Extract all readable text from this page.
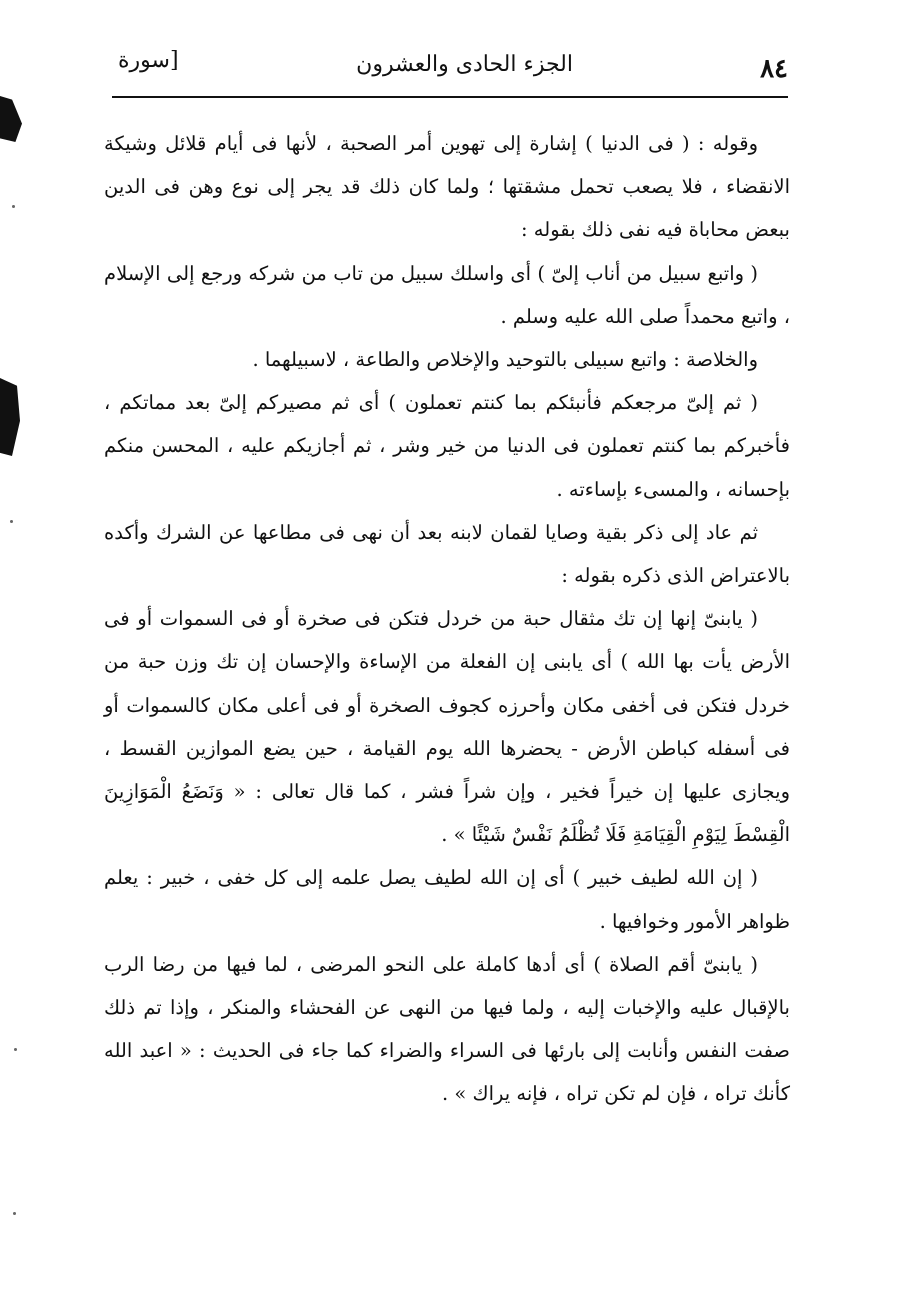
٨٤
الجزء الحادى والعشرون
[سورة

وقوله : ( فى الدنيا ) إشارة إلى تهوين أمر الصحبة ، لأنها فى أيام قلائل وشيكة الانقضاء ، فلا يصعب تحمل مشقتها ؛ ولما كان ذلك قد يجر إلى نوع وهن فى الدين ببعض محاباة فيه نفى ذلك بقوله :

( واتبع سبيل من أناب إلىّ ) أى واسلك سبيل من تاب من شركه ورجع إلى الإسلام ، واتبع محمداً صلى الله عليه وسلم .

والخلاصة : واتبع سبيلى بالتوحيد والإخلاص والطاعة ، لاسبيلهما .

( ثم إلىّ مرجعكم فأنبئكم بما كنتم تعملون ) أى ثم مصيركم إلىّ بعد مماتكم ، فأخبركم بما كنتم تعملون فى الدنيا من خير وشر ، ثم أجازيكم عليه ، المحسن منكم بإحسانه ، والمسىء بإساءته .

ثم عاد إلى ذكر بقية وصايا لقمان لابنه بعد أن نهى فى مطاعها عن الشرك وأكده بالاعتراض الذى ذكره بقوله :

( يابنىّ إنها إن تك مثقال حبة من خردل فتكن فى صخرة أو فى السموات أو فى الأرض يأت بها الله ) أى يابنى إن الفعلة من الإساءة والإحسان إن تك وزن حبة من خردل فتكن فى أخفى مكان وأحرزه كجوف الصخرة أو فى أعلى مكان كالسموات أو فى أسفله كباطن الأرض - يحضرها الله يوم القيامة ، حين يضع الموازين القسط ، ويجازى عليها إن خيراً فخير ، وإن شراً فشر ، كما قال تعالى : « وَنَضَعُ الْمَوَازِينَ الْقِسْطَ لِيَوْمِ الْقِيَامَةِ فَلَا تُظْلَمُ نَفْسٌ شَيْئًا » .

( إن الله لطيف خبير ) أى إن الله لطيف يصل علمه إلى كل خفى ، خبير : يعلم ظواهر الأمور وخوافيها .

( يابنىّ أقم الصلاة ) أى أدها كاملة على النحو المرضى ، لما فيها من رضا الرب بالإقبال عليه والإخبات إليه ، ولما فيها من النهى عن الفحشاء والمنكر ، وإذا تم ذلك صفت النفس وأنابت إلى بارئها فى السراء والضراء كما جاء فى الحديث : « اعبد الله كأنك تراه ، فإن لم تكن تراه ، فإنه يراك » .
